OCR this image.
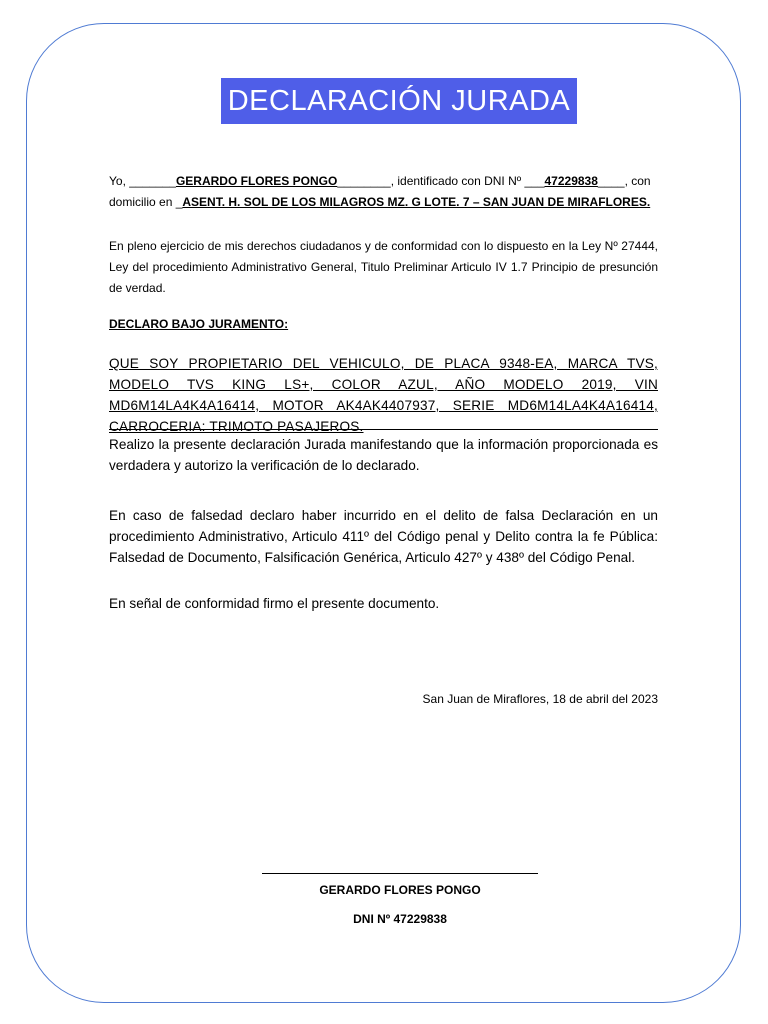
DECLARACIÓN JURADA

Yo, _______GERARDO FLORES PONGO________, identificado con DNI Nº ___47229838____, con
domicilio en _ASENT. H. SOL DE LOS MILAGROS MZ. G LOTE. 7 – SAN JUAN DE MIRAFLORES.

En pleno ejercicio de mis derechos ciudadanos y de conformidad con lo dispuesto en la Ley Nº 27444, Ley del procedimiento Administrativo General, Titulo Preliminar Articulo IV 1.7 Principio de presunción de verdad.

DECLARO BAJO JURAMENTO:

QUE SOY PROPIETARIO DEL VEHICULO, DE PLACA 9348-EA, MARCA TVS, MODELO TVS KING LS+, COLOR AZUL, AÑO MODELO 2019, VIN MD6M14LA4K4A16414, MOTOR AK4AK4407937, SERIE MD6M14LA4K4A16414, CARROCERIA: TRIMOTO PASAJEROS.

Realizo la presente declaración Jurada manifestando que la información proporcionada es verdadera y autorizo la verificación de lo declarado.

En caso de falsedad declaro haber incurrido en el delito de falsa Declaración en un procedimiento Administrativo, Articulo 411º del Código penal y Delito contra la fe Pública: Falsedad de Documento, Falsificación Genérica, Articulo 427º y 438º del Código Penal.

En señal de conformidad firmo el presente documento.

San Juan de Miraflores, 18 de abril del 2023
GERARDO FLORES PONGO
DNI Nº 47229838
